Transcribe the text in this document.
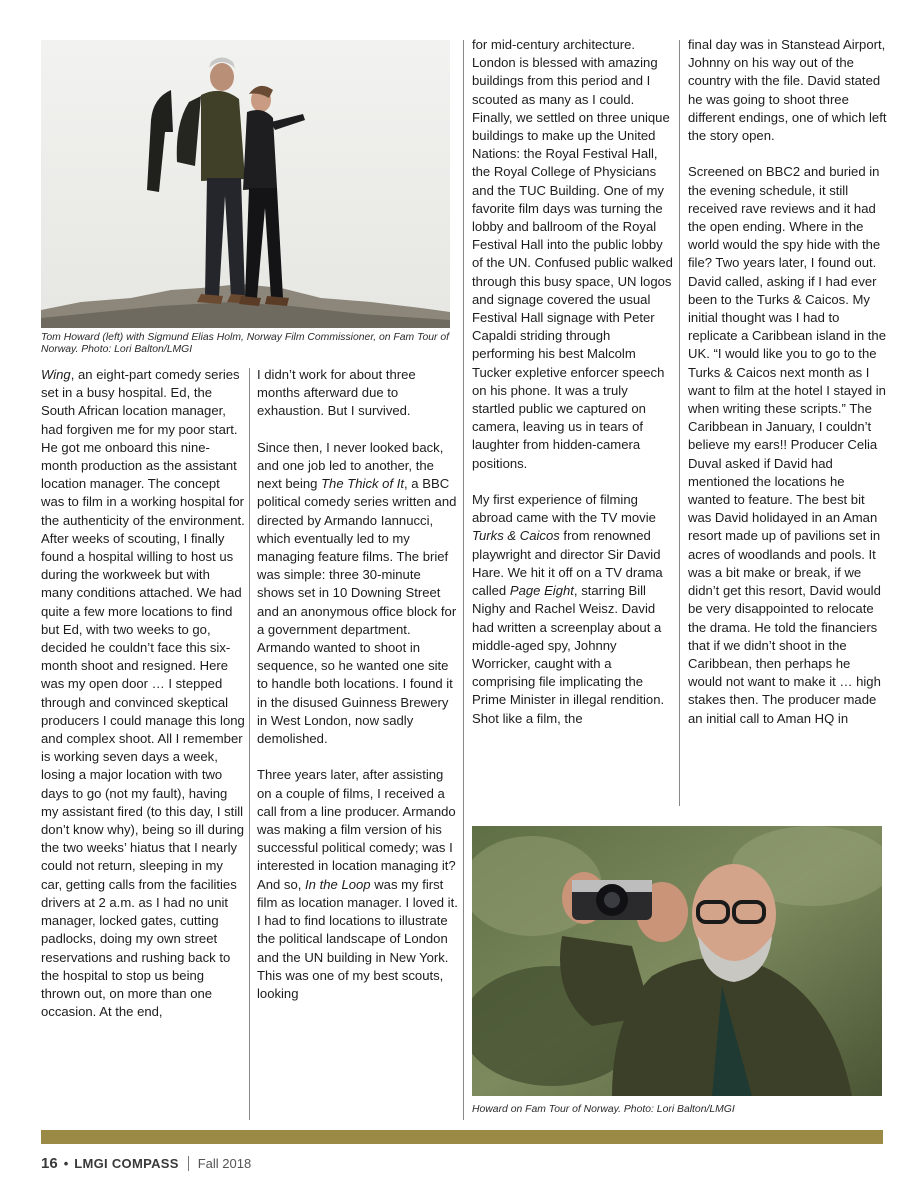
Tom Howard (left) with Sigmund Elias Holm, Norway Film Commissioner, on Fam Tour of Norway. Photo: Lori Balton/LMGI

Wing, an eight-part comedy series set in a busy hospital. Ed, the South African location manager, had forgiven me for my poor start. He got me onboard this nine-month production as the assistant location manager. The concept was to film in a working hospital for the authenticity of the environment. After weeks of scouting, I finally found a hospital willing to host us during the workweek but with many conditions attached. We had quite a few more locations to find but Ed, with two weeks to go, decided he couldn’t face this six-month shoot and resigned. Here was my open door … I stepped through and convinced skeptical producers I could manage this long and complex shoot. All I remember is working seven days a week, losing a major location with two days to go (not my fault), having my assistant fired (to this day, I still don’t know why), being so ill during the two weeks’ hiatus that I nearly could not return, sleeping in my car, getting calls from the facilities drivers at 2 a.m. as I had no unit manager, locked gates, cutting padlocks, doing my own street reservations and rushing back to the hospital to stop us being thrown out, on more than one occasion. At the end,

I didn’t work for about three months afterward due to exhaustion. But I survived.

Since then, I never looked back, and one job led to another, the next being The Thick of It, a BBC political comedy series written and directed by Armando Iannucci, which eventually led to my managing feature films. The brief was simple: three 30-minute shows set in 10 Downing Street and an anonymous office block for a government department. Armando wanted to shoot in sequence, so he wanted one site to handle both locations. I found it in the disused Guinness Brewery in West London, now sadly demolished.

Three years later, after assisting on a couple of films, I received a call from a line producer. Armando was making a film version of his successful political comedy; was I interested in location managing it? And so, In the Loop was my first film as location manager. I loved it. I had to find locations to illustrate the political landscape of London and the UN building in New York. This was one of my best scouts, looking
for mid-century architecture. London is blessed with amazing buildings from this period and I scouted as many as I could. Finally, we settled on three unique buildings to make up the United Nations: the Royal Festival Hall, the Royal College of Physicians and the TUC Building. One of my favorite film days was turning the lobby and ballroom of the Royal Festival Hall into the public lobby of the UN. Confused public walked through this busy space, UN logos and signage covered the usual Festival Hall signage with Peter Capaldi striding through performing his best Malcolm Tucker expletive enforcer speech on his phone. It was a truly startled public we captured on camera, leaving us in tears of laughter from hidden-camera positions.

My first experience of filming abroad came with the TV movie Turks & Caicos from renowned playwright and director Sir David Hare. We hit it off on a TV drama called Page Eight, starring Bill Nighy and Rachel Weisz. David had written a screenplay about a middle-aged spy, Johnny Worricker, caught with a comprising file implicating the Prime Minister in illegal rendition. Shot like a film, the
final day was in Stanstead Airport, Johnny on his way out of the country with the file. David stated he was going to shoot three different endings, one of which left the story open.

Screened on BBC2 and buried in the evening schedule, it still received rave reviews and it had the open ending. Where in the world would the spy hide with the file? Two years later, I found out. David called, asking if I had ever been to the Turks & Caicos. My initial thought was I had to replicate a Caribbean island in the UK. “I would like you to go to the Turks & Caicos next month as I want to film at the hotel I stayed in when writing these scripts.” The Caribbean in January, I couldn’t believe my ears!! Producer Celia Duval asked if David had mentioned the locations he wanted to feature. The best bit was David holidayed in an Aman resort made up of pavilions set in acres of woodlands and pools. It was a bit make or break, if we didn’t get this resort, David would be very disappointed to relocate the drama. He told the financiers that if we didn’t shoot in the Caribbean, then perhaps he would not want to make it … high stakes then. The producer made an initial call to Aman HQ in

Howard on Fam Tour of Norway. Photo: Lori Balton/LMGI

16 • LMGI COMPASS Fall 2018
